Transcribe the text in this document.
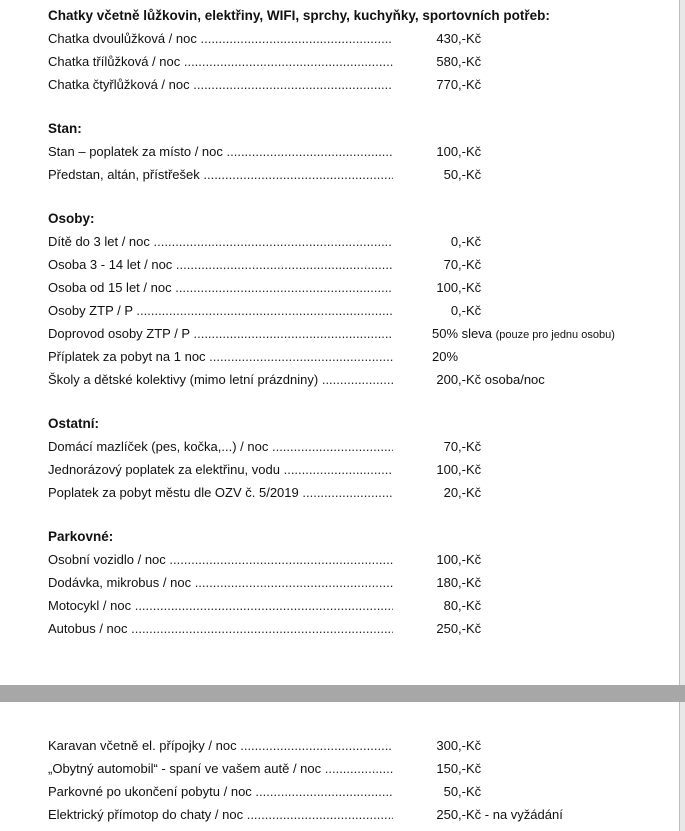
Chatky včetně lůžkovin, elektřiny, WIFI, sprchy, kuchyňky, sportovních potřeb:
Chatka dvoulůžková / noc .....	430,-Kč
Chatka třílůžková / noc .....	580,-Kč
Chatka čtyřlůžková / noc .....	770,-Kč
Stan:
Stan – poplatek za místo / noc .....	100,-Kč
Předstan, altán, přístřešek .....	50,-Kč
Osoby:
Dítě do 3 let / noc .....	0,-Kč
Osoba 3 - 14 let / noc .....	70,-Kč
Osoba od 15 let / noc .....	100,-Kč
Osoby ZTP / P .....	0,-Kč
Doprovod osoby ZTP / P .....	50% sleva (pouze pro jednu osobu)
Příplatek za pobyt na 1 noc .....	20%
Školy a dětské kolektivy (mimo letní prázdniny) .....	200,-Kč osoba/noc
Ostatní:
Domácí mazlíček (pes, kočka,...) / noc .....	70,-Kč
Jednorázový poplatek za elektřinu, vodu .....	100,-Kč
Poplatek za pobyt městu dle OZV č. 5/2019 .....	20,-Kč
Parkovné:
Osobní vozidlo / noc .....	100,-Kč
Dodávka, mikrobus / noc .....	180,-Kč
Motocykl / noc .....	80,-Kč
Autobus / noc .....	250,-Kč
Karavan včetně el. přípojky / noc .....	300,-Kč
„Obytný automobil“ - spaní ve vašem autě / noc .....	150,-Kč
Parkovné po ukončení pobytu / noc .....	50,-Kč
Elektrický přímotop do chaty / noc .....	250,-Kč - na vyžádání
